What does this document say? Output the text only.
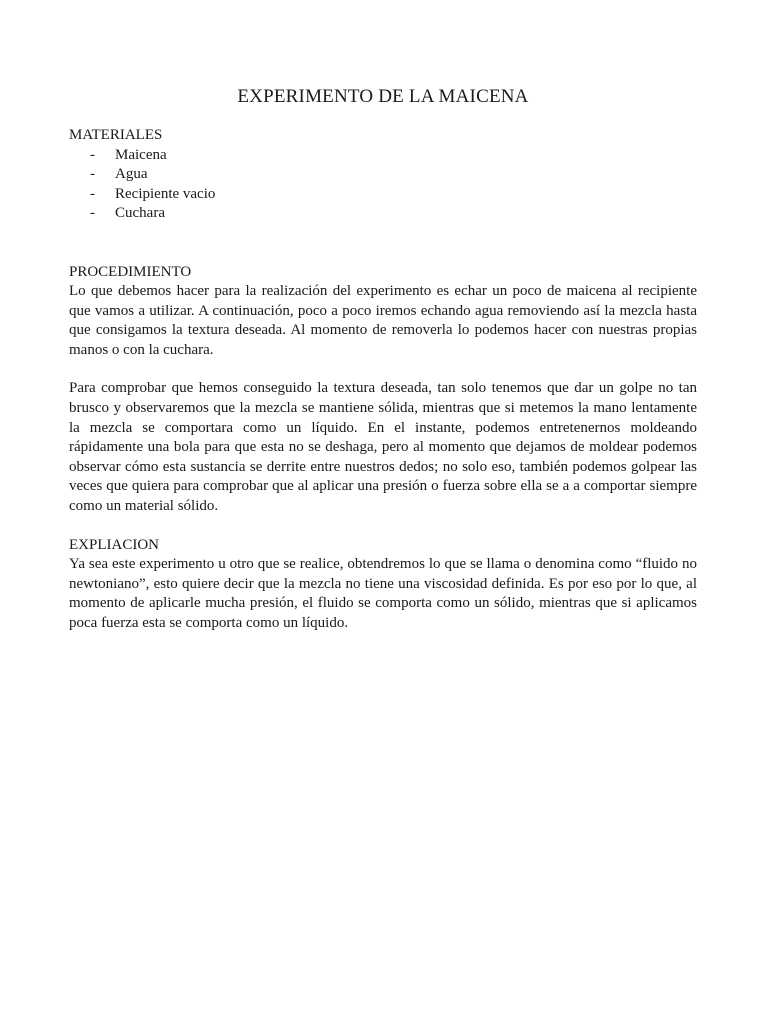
EXPERIMENTO DE LA MAICENA

MATERIALES

- Maicena
- Agua
- Recipiente vacio
- Cuchara

PROCEDIMIENTO

Lo que debemos hacer para la realización del experimento es echar un poco de maicena al recipiente que vamos a utilizar. A continuación, poco a poco iremos echando agua removiendo así la mezcla hasta que consigamos la textura deseada. Al momento de removerla lo podemos hacer con nuestras propias manos o con la cuchara.

Para comprobar que hemos conseguido la textura deseada, tan solo tenemos que dar un golpe no tan brusco y observaremos que la mezcla se mantiene sólida, mientras que si metemos la mano lentamente la mezcla se comportara como un líquido. En el instante, podemos entretenernos moldeando rápidamente una bola para que esta no se deshaga, pero al momento que dejamos de moldear podemos observar cómo esta sustancia se derrite entre nuestros dedos; no solo eso, también podemos golpear las veces que quiera para comprobar que al aplicar una presión o fuerza sobre ella se a a comportar siempre como un material sólido.

EXPLIACION

Ya sea este experimento u otro que se realice, obtendremos lo que se llama o denomina como “fluido no newtoniano”, esto quiere decir que la mezcla no tiene una viscosidad definida. Es por eso por lo que, al momento de aplicarle mucha presión, el fluido se comporta como un sólido, mientras que si aplicamos poca fuerza esta se comporta como un líquido.
